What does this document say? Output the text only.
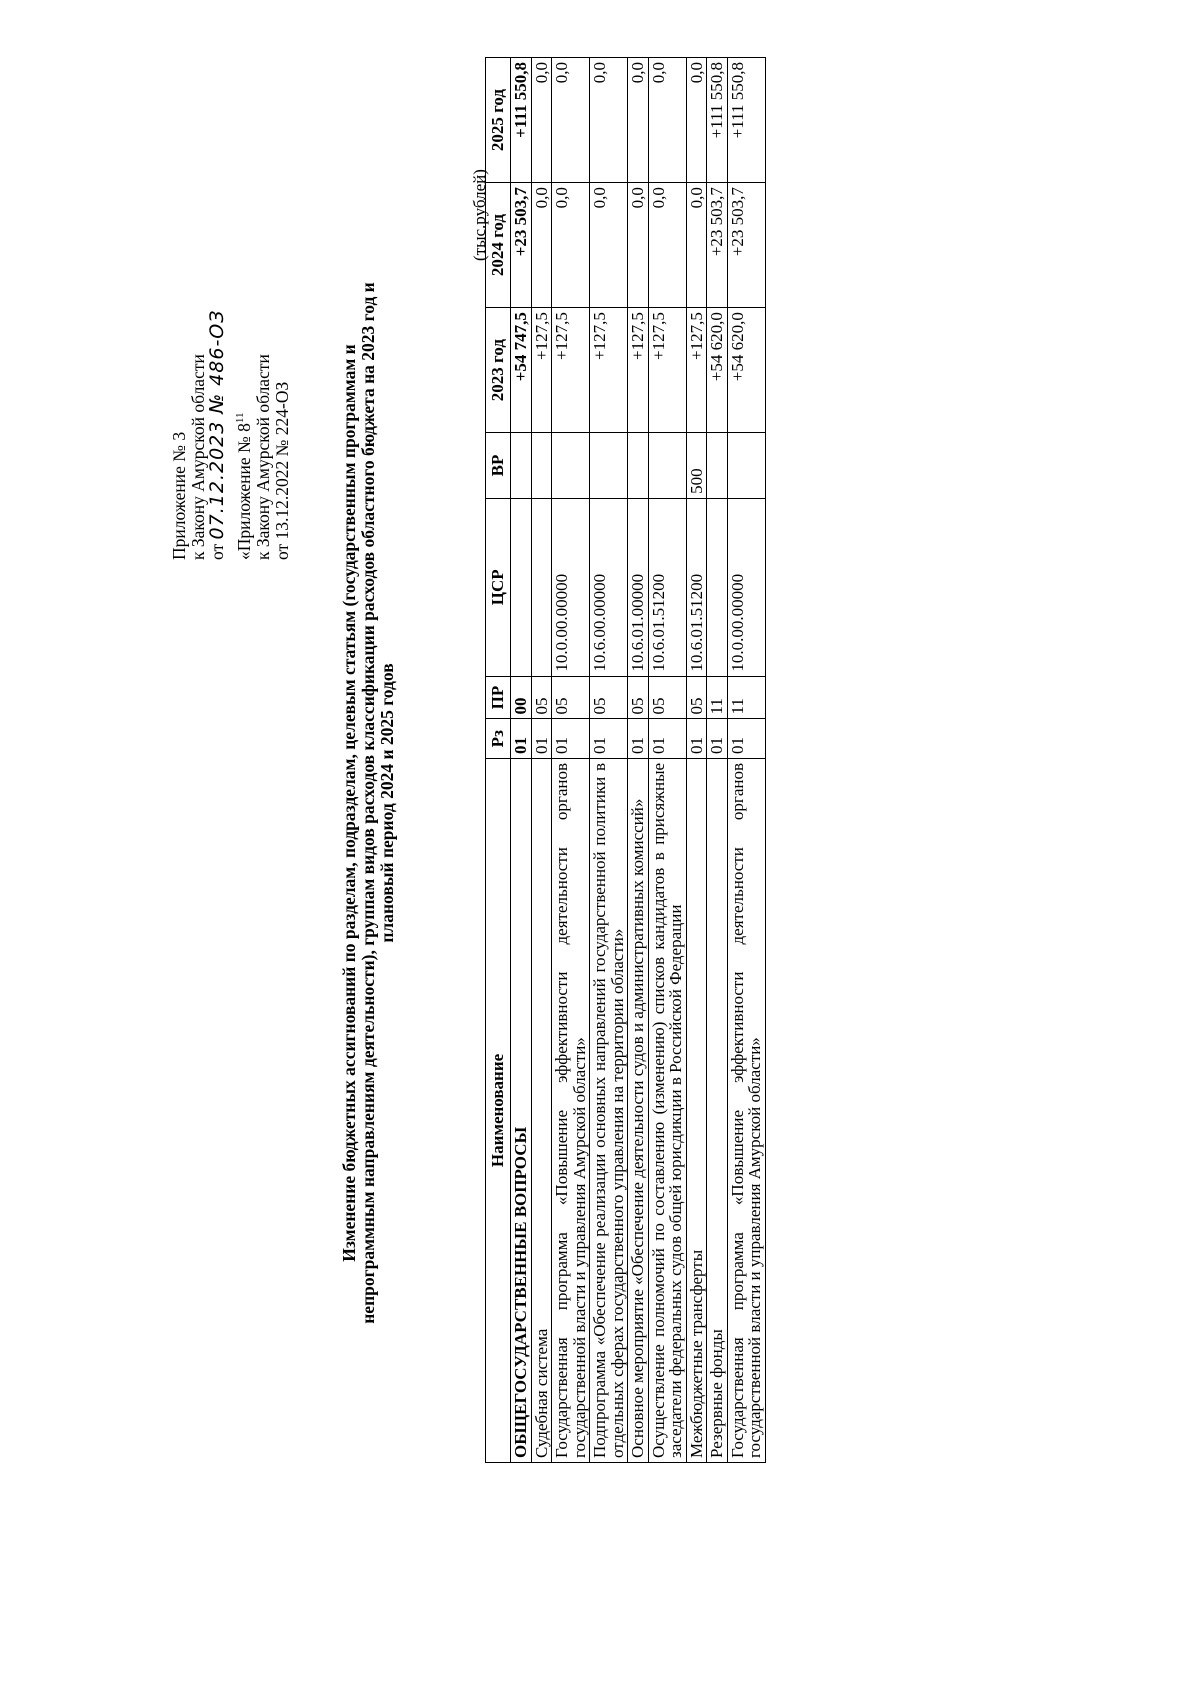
Приложение № 3 к Закону Амурской области от 07.12.2023 № 486-ОЗ «Приложение № $8^{11}$ к Закону Амурской области от 13.12.2022 № 224-ОЗ	Изменение бюджетных ассигнований по разделам, подразделам, целевым статьям (государственным программам и непрограммным направлениям деятельности), группам видов расходов классификации расходов областного бюджета на 2023 год и плановый период 2024 и 2025 годов
(тыс.рублей)
Наименование	Рз	ПР	ЦСР	ВР	2023 год	2024 год	2025 год
ОБЩЕГОСУДАРСТВЕННЫЕ ВОПРОСЫ	01	00			+54 747,5	+23 503,7	+111 550,8
Судебная система	01	05			+127,5	0,0	0,0
Государственная программа «Повышение эффективности деятельности органов государственной власти и управления Амурской области»	01	05	10.0.00.00000		+127,5	0,0	0,0
Подпрограмма «Обеспечение реализации основных направлений государственной политики в отдельных сферах государственного управления на территории области»	01	05	10.6.00.00000		+127,5	0,0	0,0
Основное мероприятие «Обеспечение деятельности судов и административных комиссий»	01	05	10.6.01.00000		+127,5	0,0	0,0
Осуществление полномочий по составлению (изменению) списков кандидатов в присяжные заседатели федеральных судов общей юрисдикции в Российской Федерации	01	05	10.6.01.51200		+127,5	0,0	0,0
Межбюджетные трансферты	01	05	10.6.01.51200	500	+127,5	0,0	0,0
Резервные фонды	01	11			+54 620,0	+23 503,7	+111 550,8
Государственная программа «Повышение эффективности деятельности органов государственной власти и управления Амурской области»	01	11	10.0.00.00000		+54 620,0	+23 503,7	+111 550,8
